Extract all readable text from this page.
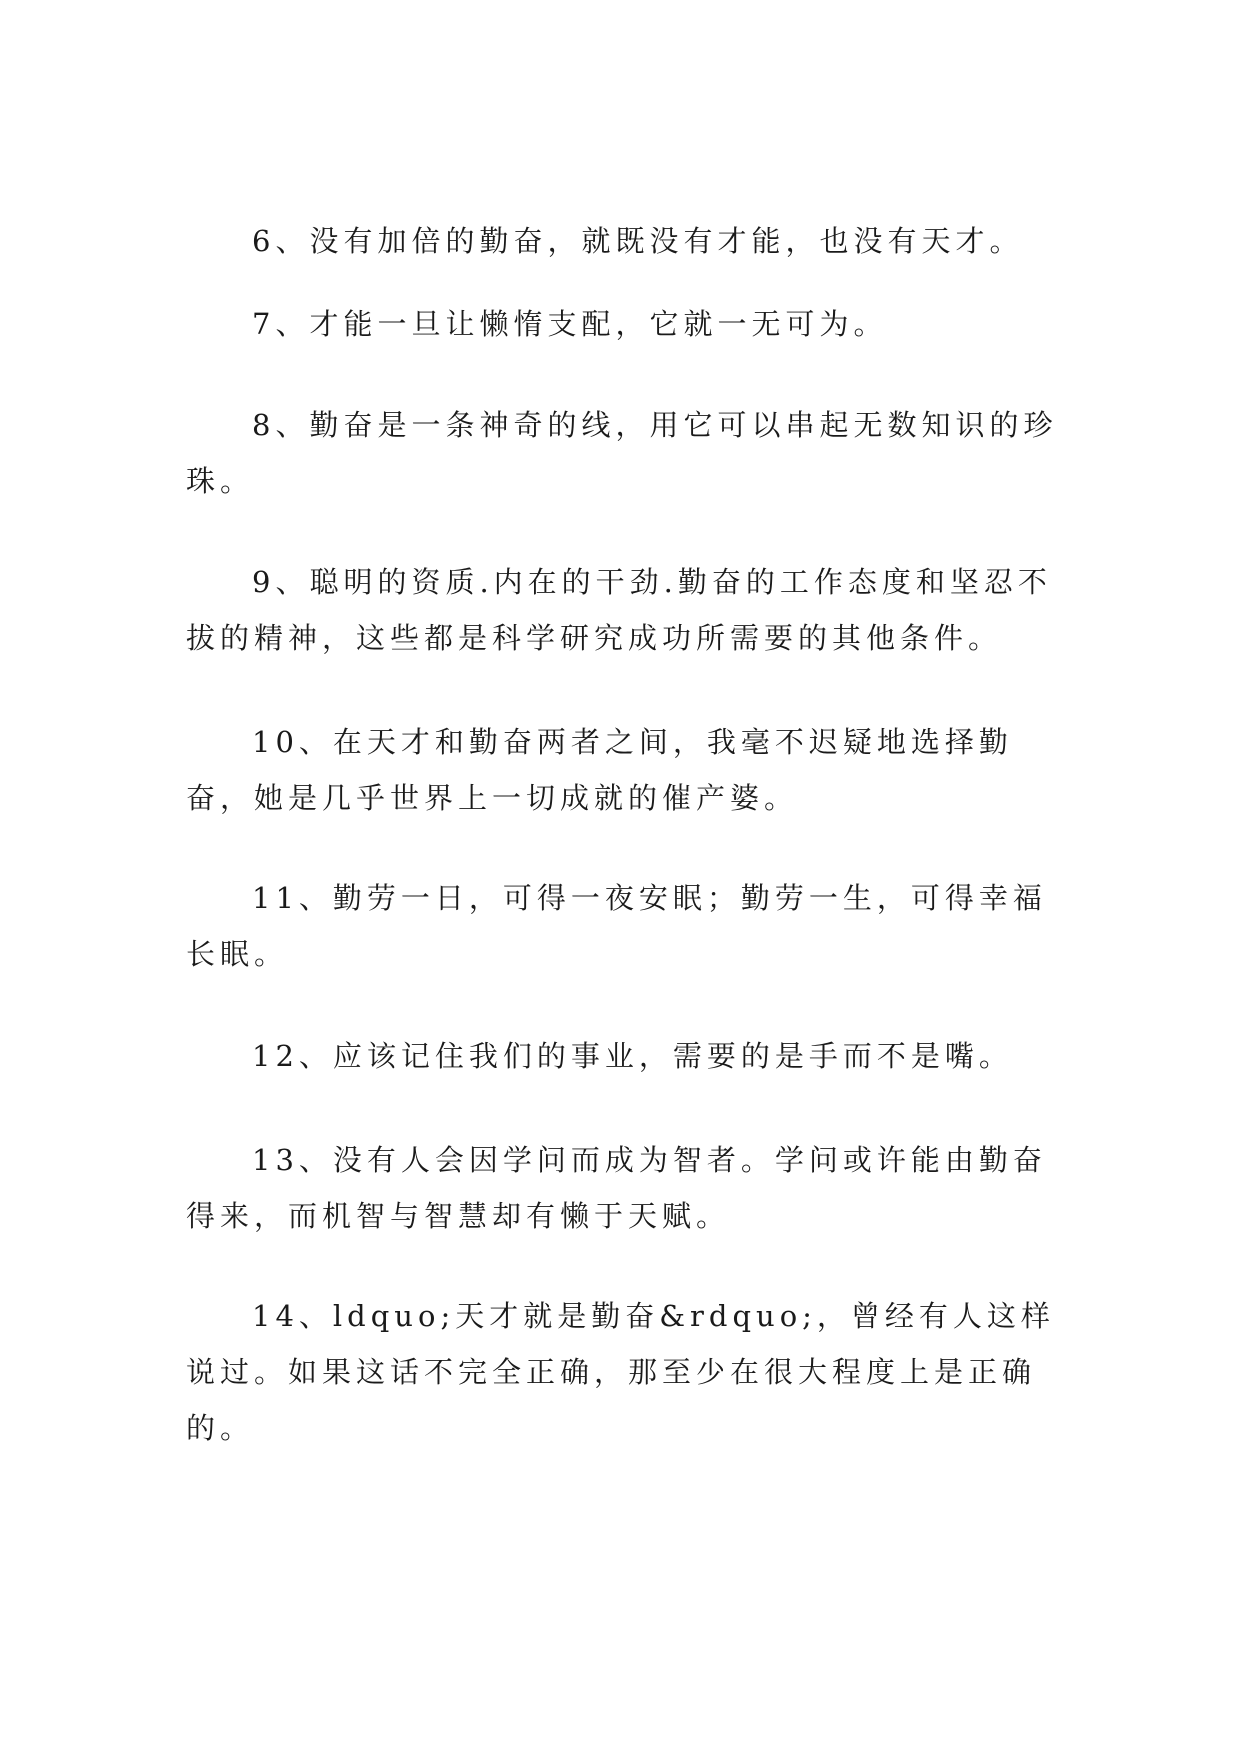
6、没有加倍的勤奋，就既没有才能，也没有天才。

7、才能一旦让懒惰支配，它就一无可为。

8、勤奋是一条神奇的线，用它可以串起无数知识的珍珠。

9、聪明的资质.内在的干劲.勤奋的工作态度和坚忍不拔的精神，这些都是科学研究成功所需要的其他条件。

10、在天才和勤奋两者之间，我毫不迟疑地选择勤奋，她是几乎世界上一切成就的催产婆。

11、勤劳一日，可得一夜安眠；勤劳一生，可得幸福长眠。

12、应该记住我们的事业，需要的是手而不是嘴。

13、没有人会因学问而成为智者。学问或许能由勤奋得来，而机智与智慧却有懒于天赋。

14、ldquo;天才就是勤奋&rdquo;，曾经有人这样说过。如果这话不完全正确，那至少在很大程度上是正确的。
